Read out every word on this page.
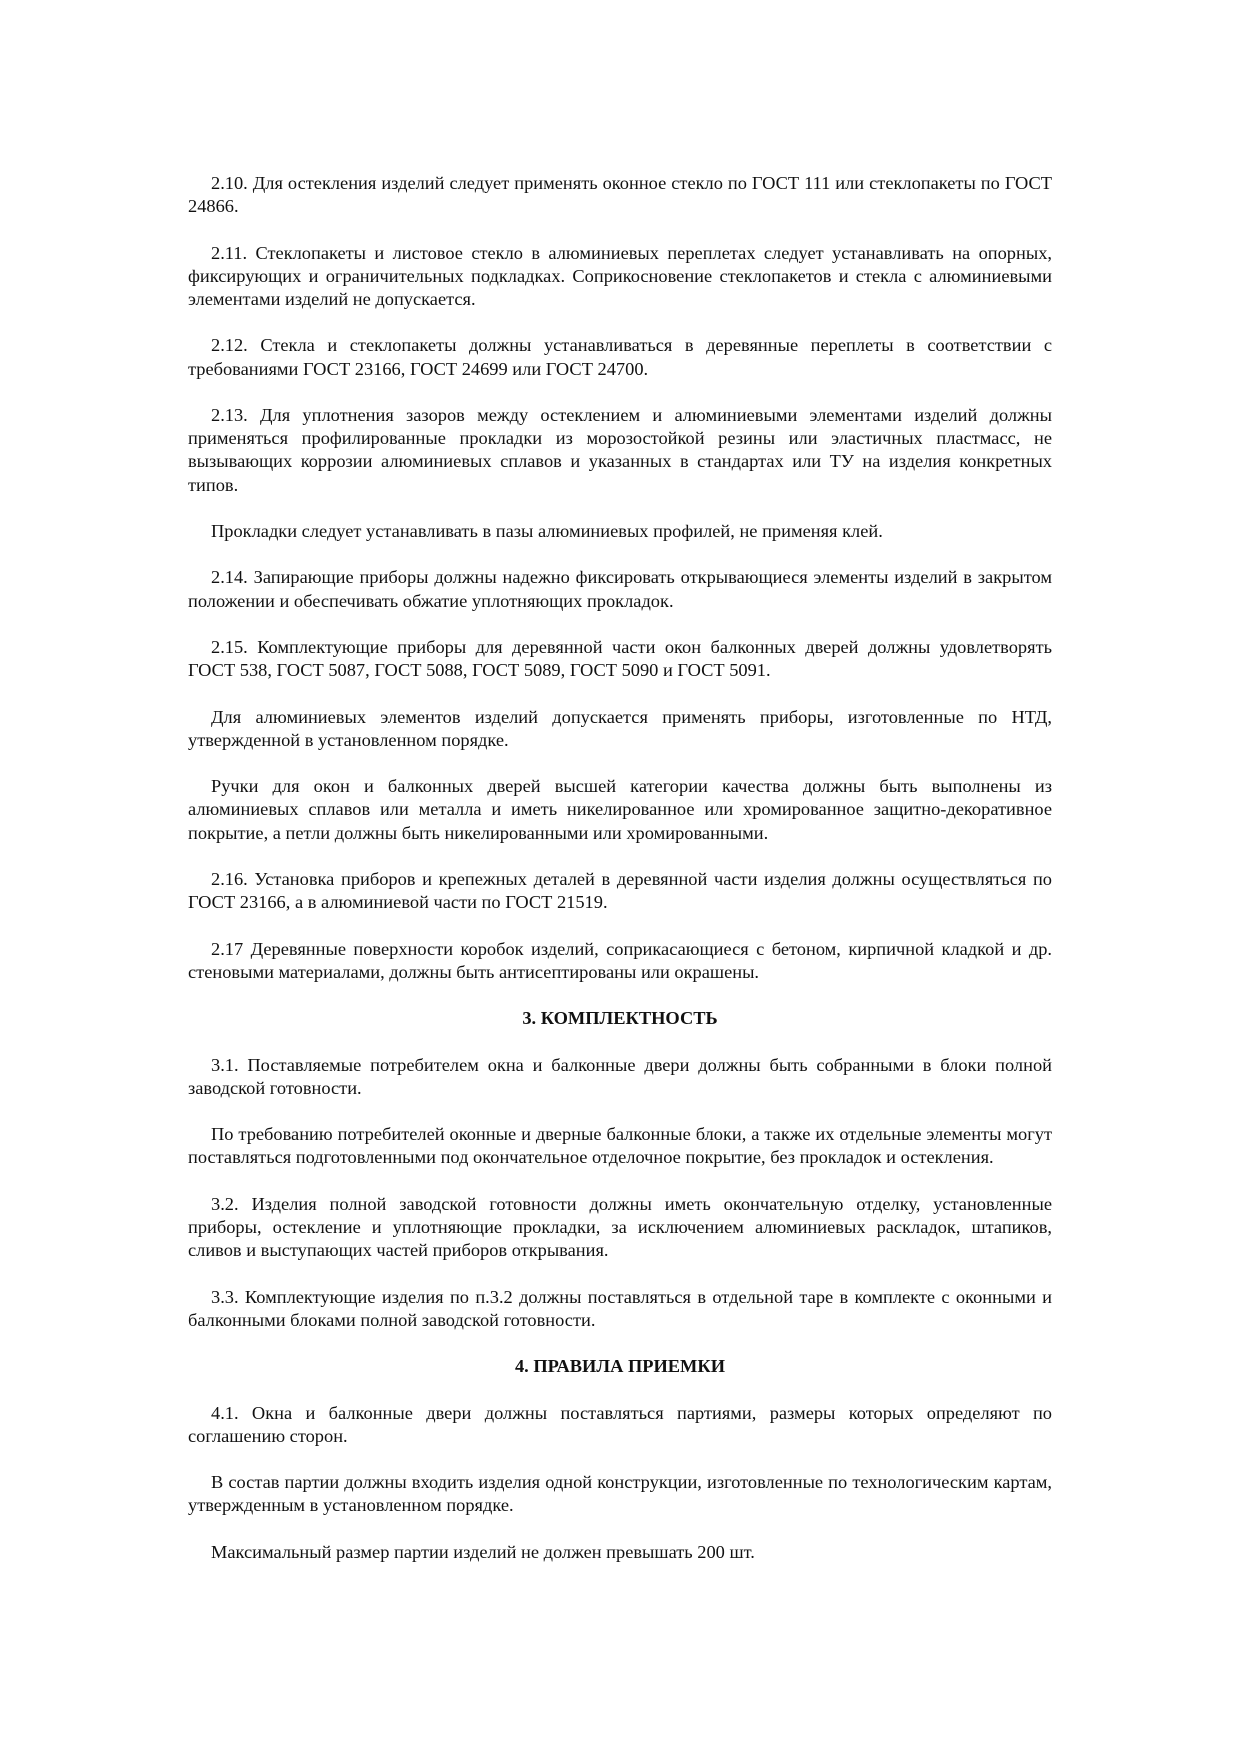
2.10. Для остекления изделий следует применять оконное стекло по ГОСТ 111 или стеклопакеты по ГОСТ 24866.

2.11. Стеклопакеты и листовое стекло в алюминиевых переплетах следует устанавливать на опорных, фиксирующих и ограничительных подкладках. Соприкосновение стеклопакетов и стекла с алюминиевыми элементами изделий не допускается.

2.12. Стекла и стеклопакеты должны устанавливаться в деревянные переплеты в соответствии с требованиями ГОСТ 23166, ГОСТ 24699 или ГОСТ 24700.

2.13. Для уплотнения зазоров между остеклением и алюминиевыми элементами изделий должны применяться профилированные прокладки из морозостойкой резины или эластичных пластмасс, не вызывающих коррозии алюминиевых сплавов и указанных в стандартах или ТУ на изделия конкретных типов.

Прокладки следует устанавливать в пазы алюминиевых профилей, не применяя клей.

2.14. Запирающие приборы должны надежно фиксировать открывающиеся элементы изделий в закрытом положении и обеспечивать обжатие уплотняющих прокладок.

2.15. Комплектующие приборы для деревянной части окон балконных дверей должны удовлетворять ГОСТ 538, ГОСТ 5087, ГОСТ 5088, ГОСТ 5089, ГОСТ 5090 и ГОСТ 5091.

Для алюминиевых элементов изделий допускается применять приборы, изготовленные по НТД, утвержденной в установленном порядке.

Ручки для окон и балконных дверей высшей категории качества должны быть выполнены из алюминиевых сплавов или металла и иметь никелированное или хромированное защитно-декоративное покрытие, а петли должны быть никелированными или хромированными.

2.16. Установка приборов и крепежных деталей в деревянной части изделия должны осуществляться по ГОСТ 23166, а в алюминиевой части по ГОСТ 21519.

2.17 Деревянные поверхности коробок изделий, соприкасающиеся с бетоном, кирпичной кладкой и др. стеновыми материалами, должны быть антисептированы или окрашены.

3. КОМПЛЕКТНОСТЬ

3.1. Поставляемые потребителем окна и балконные двери должны быть собранными в блоки полной заводской готовности.

По требованию потребителей оконные и дверные балконные блоки, а также их отдельные элементы могут поставляться подготовленными под окончательное отделочное покрытие, без прокладок и остекления.

3.2. Изделия полной заводской готовности должны иметь окончательную отделку, установленные приборы, остекление и уплотняющие прокладки, за исключением алюминиевых раскладок, штапиков, сливов и выступающих частей приборов открывания.

3.3. Комплектующие изделия по п.3.2 должны поставляться в отдельной таре в комплекте с оконными и балконными блоками полной заводской готовности.

4. ПРАВИЛА ПРИЕМКИ

4.1. Окна и балконные двери должны поставляться партиями, размеры которых определяют по соглашению сторон.

В состав партии должны входить изделия одной конструкции, изготовленные по технологическим картам, утвержденным в установленном порядке.

Максимальный размер партии изделий не должен превышать 200 шт.
